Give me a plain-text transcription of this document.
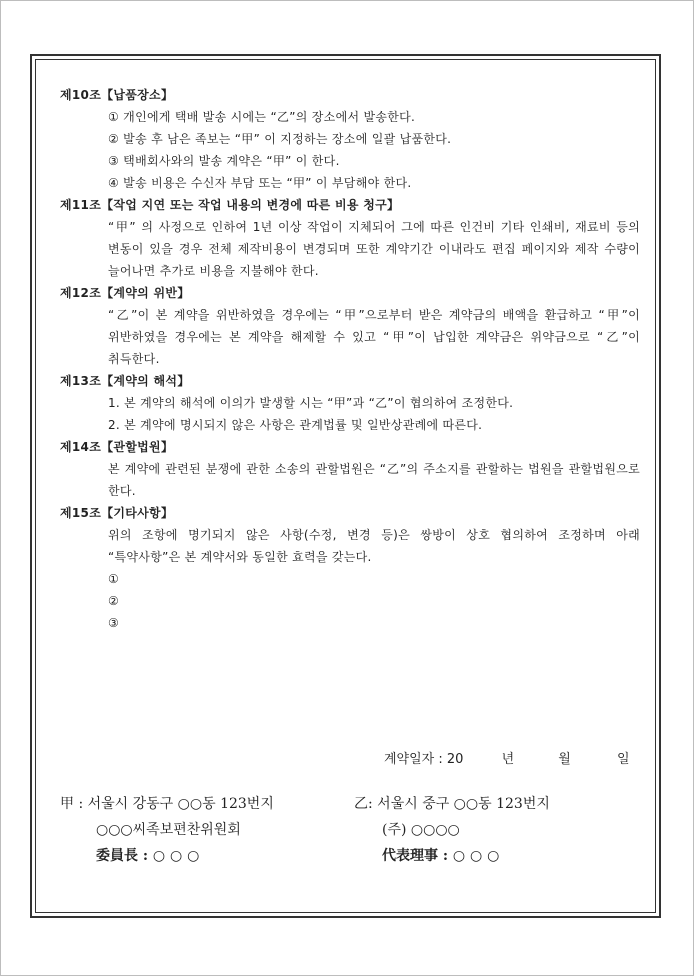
제10조【납품장소】
① 개인에게 택배 발송 시에는 “乙”의 장소에서 발송한다.
② 발송 후 남은 족보는 “甲” 이 지정하는 장소에 일괄 납품한다.
③ 택배회사와의 발송 계약은 “甲” 이 한다.
④ 발송 비용은 수신자 부담 또는 “甲” 이 부담해야 한다.
제11조【작업 지연 또는 작업 내용의 변경에 따른 비용 청구】
“甲” 의 사정으로 인하여 1년 이상 작업이 지체되어 그에 따른 인건비 기타 인쇄비, 재료비 등의 변동이 있을 경우 전체 제작비용이 변경되며 또한 계약기간 이내라도 편집 페이지와 제작 수량이 늘어나면 추가로 비용을 지불해야 한다.
제12조【계약의 위반】
“乙”이 본 계약을 위반하였을 경우에는 “甲”으로부터 받은 계약금의 배액을 환급하고 “甲”이 위반하였을 경우에는 본 계약을 해제할 수 있고 “甲”이 납입한 계약금은 위약금으로 “乙”이 취득한다.
제13조【계약의 해석】
1. 본 계약의 해석에 이의가 발생할 시는 “甲”과 “乙”이 협의하여 조정한다.
2. 본 계약에 명시되지 않은 사항은 관계법률 및 일반상관례에 따른다.
제14조【관할법원】
본 계약에 관련된 분쟁에 관한 소송의 관할법원은 “乙”의 주소지를 관할하는 법원을 관할법원으로 한다.
제15조【기타사항】
위의 조항에 명기되지 않은 사항(수정, 변경 등)은 쌍방이 상호 협의하여 조정하며 아래 “특약사항”은 본 계약서와 동일한 효력을 갖는다.
①
②
③
계약일자 : 20	년	월	일
甲 : 서울시 강동구 ○○동 123번지
○○○씨족보편찬위원회
委員長 : ○ ○ ○
乙: 서울시 중구 ○○동 123번지
(주) ○○○○
代表理事 : ○ ○ ○
